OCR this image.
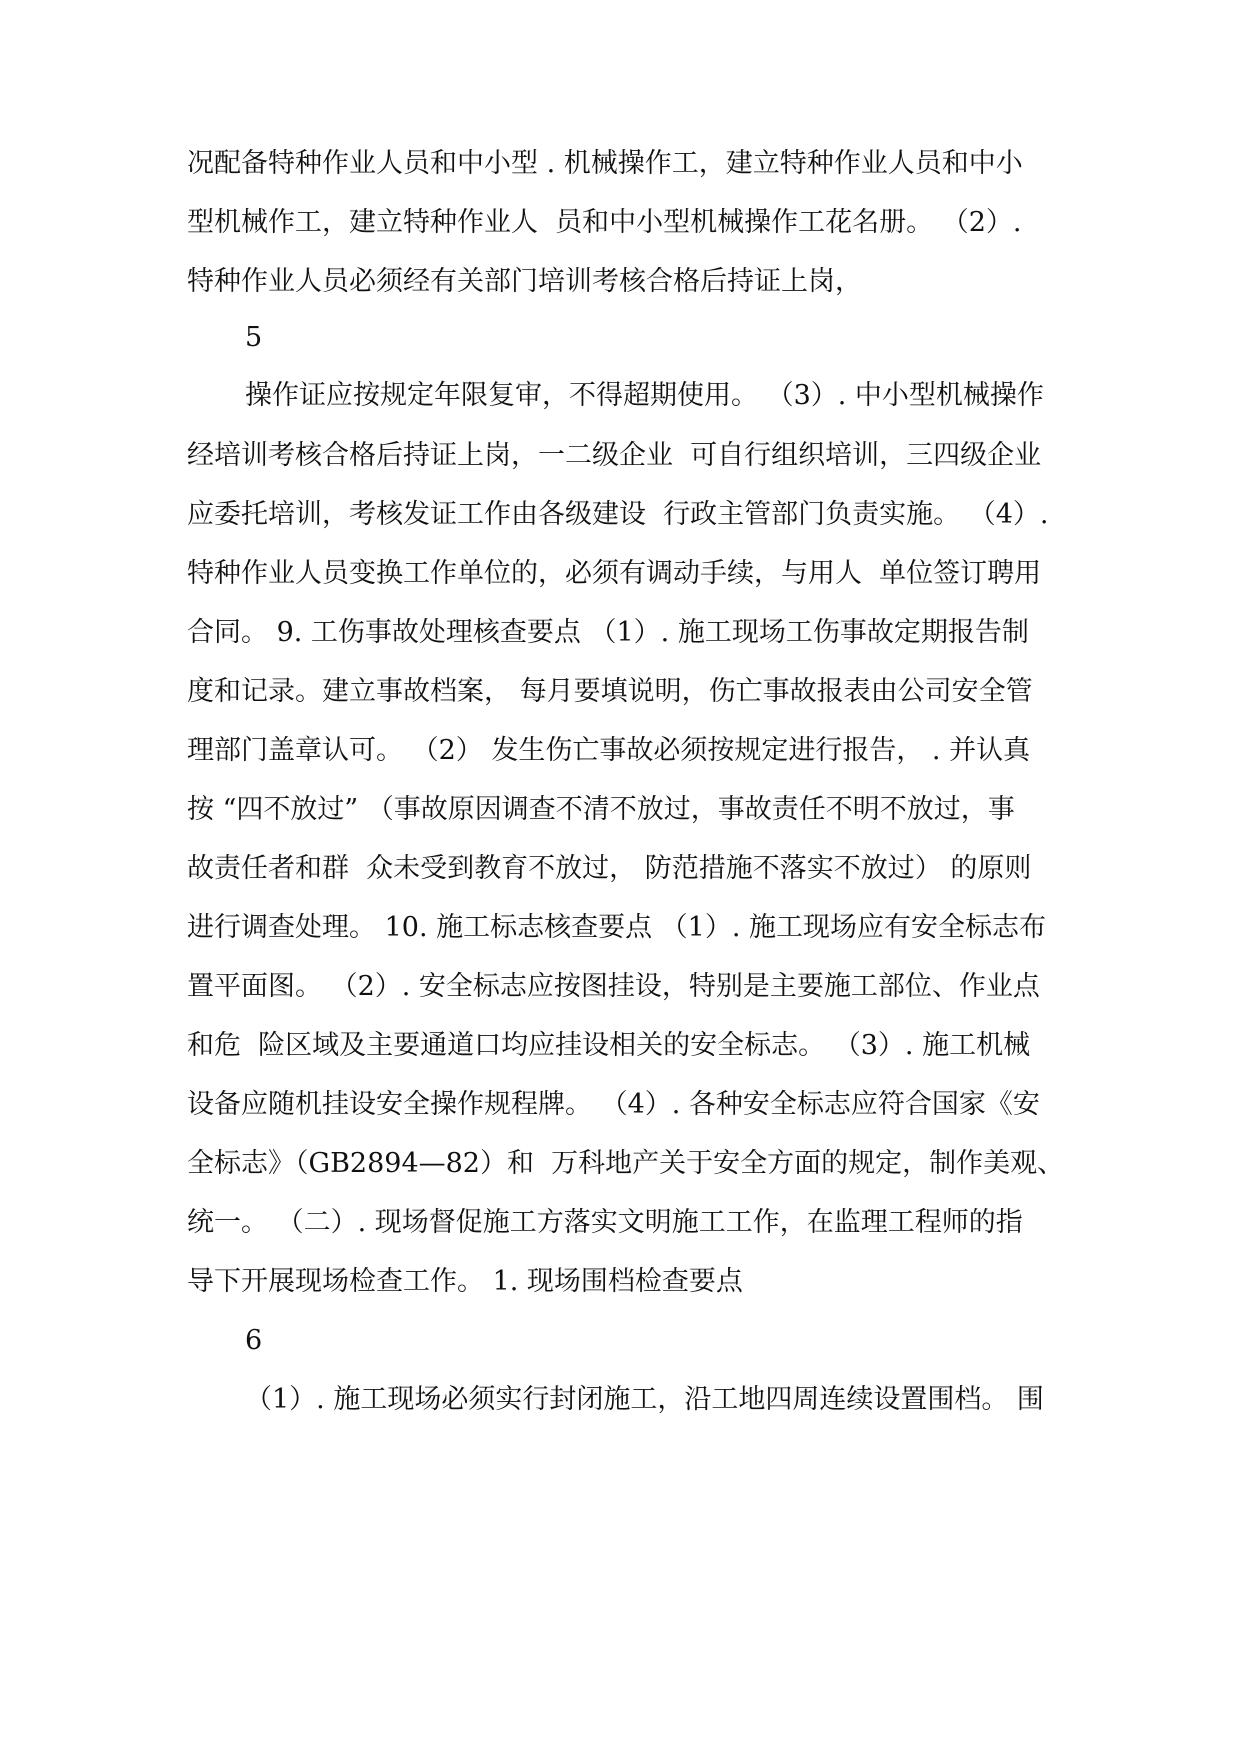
况配备特种作业人员和中小型 . 机械操作工，建立特种作业人员和中小
型机械作工，建立特种作业人  员和中小型机械操作工花名册。 （2）.
特种作业人员必须经有关部门培训考核合格后持证上岗，
5
操作证应按规定年限复审，不得超期使用。 （3）. 中小型机械操作
经培训考核合格后持证上岗，一二级企业  可自行组织培训，三四级企业
应委托培训，考核发证工作由各级建设  行政主管部门负责实施。 （4）.
特种作业人员变换工作单位的，必须有调动手续，与用人  单位签订聘用
合同。 9. 工伤事故处理核查要点 （1）. 施工现场工伤事故定期报告制
度和记录。建立事故档案， 每月要填说明，伤亡事故报表由公司安全管
理部门盖章认可。 （2） 发生伤亡事故必须按规定进行报告， . 并认真
按 “四不放过” （事故原因调查不清不放过，事故责任不明不放过，事
故责任者和群  众未受到教育不放过， 防范措施不落实不放过） 的原则
进行调查处理。 10. 施工标志核查要点 （1）. 施工现场应有安全标志布
置平面图。 （2）. 安全标志应按图挂设，特别是主要施工部位、作业点
和危  险区域及主要通道口均应挂设相关的安全标志。 （3）. 施工机械
设备应随机挂设安全操作规程牌。 （4）. 各种安全标志应符合国家《安
全标志》（GB2894—82）和  万科地产关于安全方面的规定，制作美观、
统一。 （二）. 现场督促施工方落实文明施工工作，在监理工程师的指
导下开展现场检查工作。 1. 现场围档检查要点
6
（1）. 施工现场必须实行封闭施工，沿工地四周连续设置围档。 围
